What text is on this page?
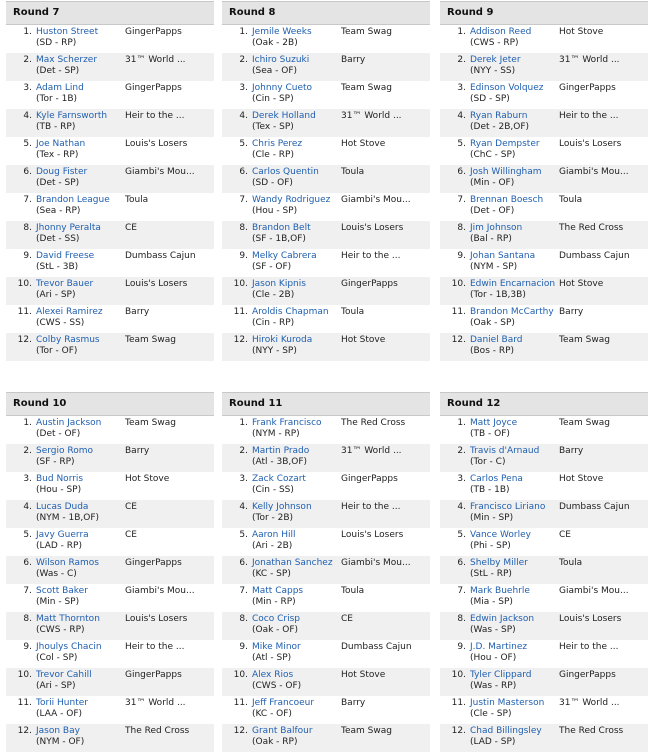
Round 7
1. Huston Street
(SD - RP)
GingerPapps
2. Max Scherzer
(Det - SP)
31™ World ...
3. Adam Lind
(Tor - 1B)
GingerPapps
4. Kyle Farnsworth
(TB - RP)
Heir to the ...
5. Joe Nathan
(Tex - RP)
Louis's Losers
6. Doug Fister
(Det - SP)
Giambi's Mou...
7. Brandon League
(Sea - RP)
Toula
8. Jhonny Peralta
(Det - SS)
CE
9. David Freese
(StL - 3B)
Dumbass Cajun
10. Trevor Bauer
(Ari - SP)
Louis's Losers
11. Alexei Ramirez
(CWS - SS)
Barry
12. Colby Rasmus
(Tor - OF)
Team Swag
Round 8
1. Jemile Weeks
(Oak - 2B)
Team Swag
2. Ichiro Suzuki
(Sea - OF)
Barry
3. Johnny Cueto
(Cin - SP)
Team Swag
4. Derek Holland
(Tex - SP)
31™ World ...
5. Chris Perez
(Cle - RP)
Hot Stove
6. Carlos Quentin
(SD - OF)
Toula
7. Wandy Rodriguez
(Hou - SP)
Giambi's Mou...
8. Brandon Belt
(SF - 1B,OF)
Louis's Losers
9. Melky Cabrera
(SF - OF)
Heir to the ...
10. Jason Kipnis
(Cle - 2B)
GingerPapps
11. Aroldis Chapman
(Cin - RP)
Toula
12. Hiroki Kuroda
(NYY - SP)
Hot Stove
Round 9
1. Addison Reed
(CWS - RP)
Hot Stove
2. Derek Jeter
(NYY - SS)
31™ World ...
3. Edinson Volquez
(SD - SP)
GingerPapps
4. Ryan Raburn
(Det - 2B,OF)
Heir to the ...
5. Ryan Dempster
(ChC - SP)
Louis's Losers
6. Josh Willingham
(Min - OF)
Giambi's Mou...
7. Brennan Boesch
(Det - OF)
Toula
8. Jim Johnson
(Bal - RP)
The Red Cross
9. Johan Santana
(NYM - SP)
Dumbass Cajun
10. Edwin Encarnacion
(Tor - 1B,3B)
Hot Stove
11. Brandon McCarthy
(Oak - SP)
Barry
12. Daniel Bard
(Bos - RP)
Team Swag
Round 10
1. Austin Jackson
(Det - OF)
Team Swag
2. Sergio Romo
(SF - RP)
Barry
3. Bud Norris
(Hou - SP)
Hot Stove
4. Lucas Duda
(NYM - 1B,OF)
CE
5. Javy Guerra
(LAD - RP)
CE
6. Wilson Ramos
(Was - C)
GingerPapps
7. Scott Baker
(Min - SP)
Giambi's Mou...
8. Matt Thornton
(CWS - RP)
Louis's Losers
9. Jhoulys Chacin
(Col - SP)
Heir to the ...
10. Trevor Cahill
(Ari - SP)
GingerPapps
11. Torii Hunter
(LAA - OF)
31™ World ...
12. Jason Bay
(NYM - OF)
The Red Cross
Round 11
1. Frank Francisco
(NYM - RP)
The Red Cross
2. Martin Prado
(Atl - 3B,OF)
31™ World ...
3. Zack Cozart
(Cin - SS)
GingerPapps
4. Kelly Johnson
(Tor - 2B)
Heir to the ...
5. Aaron Hill
(Ari - 2B)
Louis's Losers
6. Jonathan Sanchez
(KC - SP)
Giambi's Mou...
7. Matt Capps
(Min - RP)
Toula
8. Coco Crisp
(Oak - OF)
CE
9. Mike Minor
(Atl - SP)
Dumbass Cajun
10. Alex Rios
(CWS - OF)
Hot Stove
11. Jeff Francoeur
(KC - OF)
Barry
12. Grant Balfour
(Oak - RP)
Team Swag
Round 12
1. Matt Joyce
(TB - OF)
Team Swag
2. Travis d'Arnaud
(Tor - C)
Barry
3. Carlos Pena
(TB - 1B)
Hot Stove
4. Francisco Liriano
(Min - SP)
Dumbass Cajun
5. Vance Worley
(Phi - SP)
CE
6. Shelby Miller
(StL - RP)
Toula
7. Mark Buehrle
(Mia - SP)
Giambi's Mou...
8. Edwin Jackson
(Was - SP)
Louis's Losers
9. J.D. Martinez
(Hou - OF)
Heir to the ...
10. Tyler Clippard
(Was - RP)
GingerPapps
11. Justin Masterson
(Cle - SP)
31™ World ...
12. Chad Billingsley
(LAD - SP)
The Red Cross
